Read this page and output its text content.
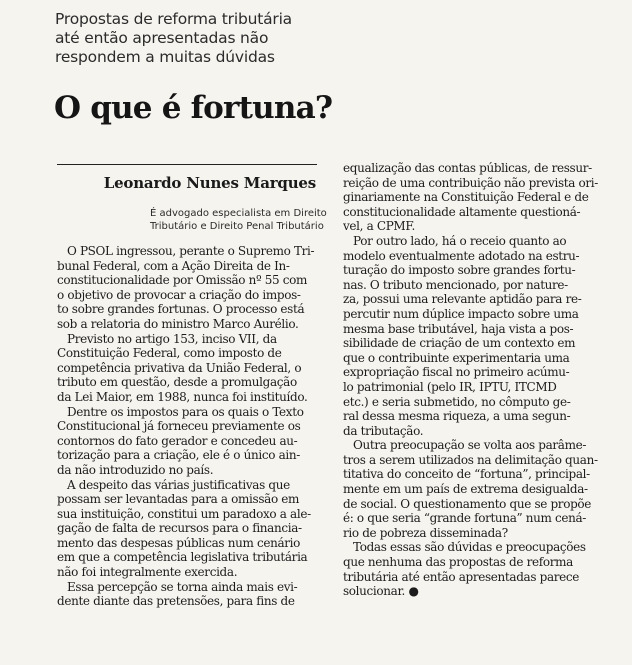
Propostas de reforma tributária
até então apresentadas não
respondem a muitas dúvidas
O que é fortuna?
Leonardo Nunes Marques
É advogado especialista em Direito
Tributário e Direito Penal Tributário
O PSOL ingressou, perante o Supremo Tri-
bunal Federal, com a Ação Direita de In-
constitucionalidade por Omissão nº 55 com
o objetivo de provocar a criação do impos-
to sobre grandes fortunas. O processo está
sob a relatoria do ministro Marco Aurélio.
Previsto no artigo 153, inciso VII, da
Constituição Federal, como imposto de
competência privativa da União Federal, o
tributo em questão, desde a promulgação
da Lei Maior, em 1988, nunca foi instituído.
Dentre os impostos para os quais o Texto
Constitucional já forneceu previamente os
contornos do fato gerador e concedeu au-
torização para a criação, ele é o único ain-
da não introduzido no país.
A despeito das várias justificativas que
possam ser levantadas para a omissão em
sua instituição, constitui um paradoxo a ale-
gação de falta de recursos para o financia-
mento das despesas públicas num cenário
em que a competência legislativa tributária
não foi integralmente exercida.
Essa percepção se torna ainda mais evi-
dente diante das pretensões, para fins de
equalização das contas públicas, de ressur-
reição de uma contribuição não prevista ori-
ginariamente na Constituição Federal e de
constitucionalidade altamente questioná-
vel, a CPMF.
Por outro lado, há o receio quanto ao
modelo eventualmente adotado na estru-
turação do imposto sobre grandes fortu-
nas. O tributo mencionado, por nature-
za, possui uma relevante aptidão para re-
percutir num dúplice impacto sobre uma
mesma base tributável, haja vista a pos-
sibilidade de criação de um contexto em
que o contribuinte experimentaria uma
expropriação fiscal no primeiro acúmu-
lo patrimonial (pelo IR, IPTU, ITCMD
etc.) e seria submetido, no cômputo ge-
ral dessa mesma riqueza, a uma segun-
da tributação.
Outra preocupação se volta aos parâme-
tros a serem utilizados na delimitação quan-
titativa do conceito de “fortuna”, principal-
mente em um país de extrema desigualda-
de social. O questionamento que se propõe
é: o que seria “grande fortuna” num cená-
rio de pobreza disseminada?
Todas essas são dúvidas e preocupações
que nenhuma das propostas de reforma
tributária até então apresentadas parece
solucionar. ●
